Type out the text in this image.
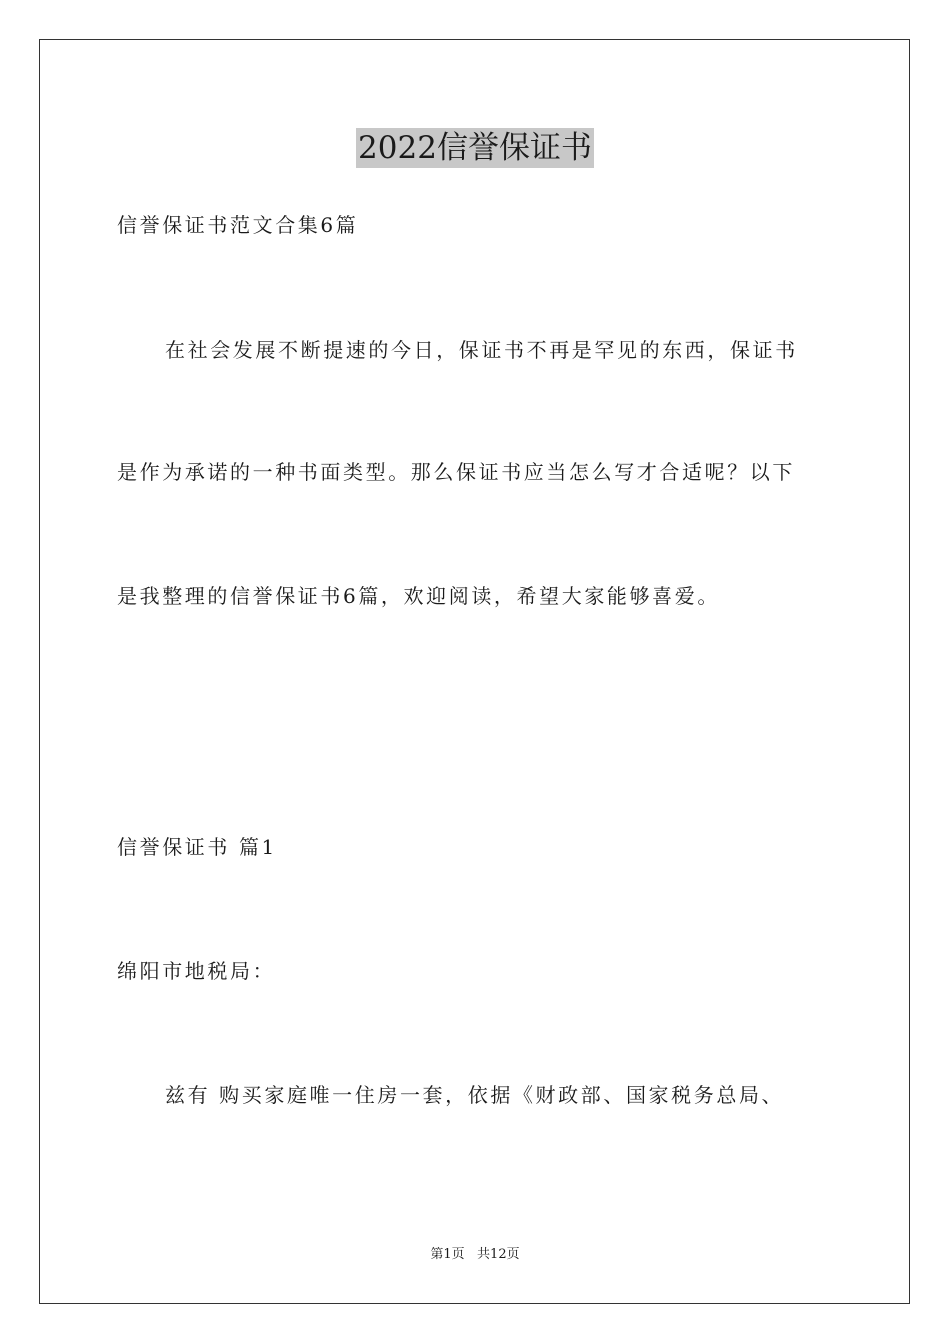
2022信誉保证书
信誉保证书范文合集6篇
在社会发展不断提速的今日，保证书不再是罕见的东西，保证书
是作为承诺的一种书面类型。那么保证书应当怎么写才合适呢？以下
是我整理的信誉保证书6篇，欢迎阅读，希望大家能够喜爱。
信誉保证书 篇1
绵阳市地税局：
兹有 购买家庭唯一住房一套，依据《财政部、国家税务总局、
第1页   共12页
